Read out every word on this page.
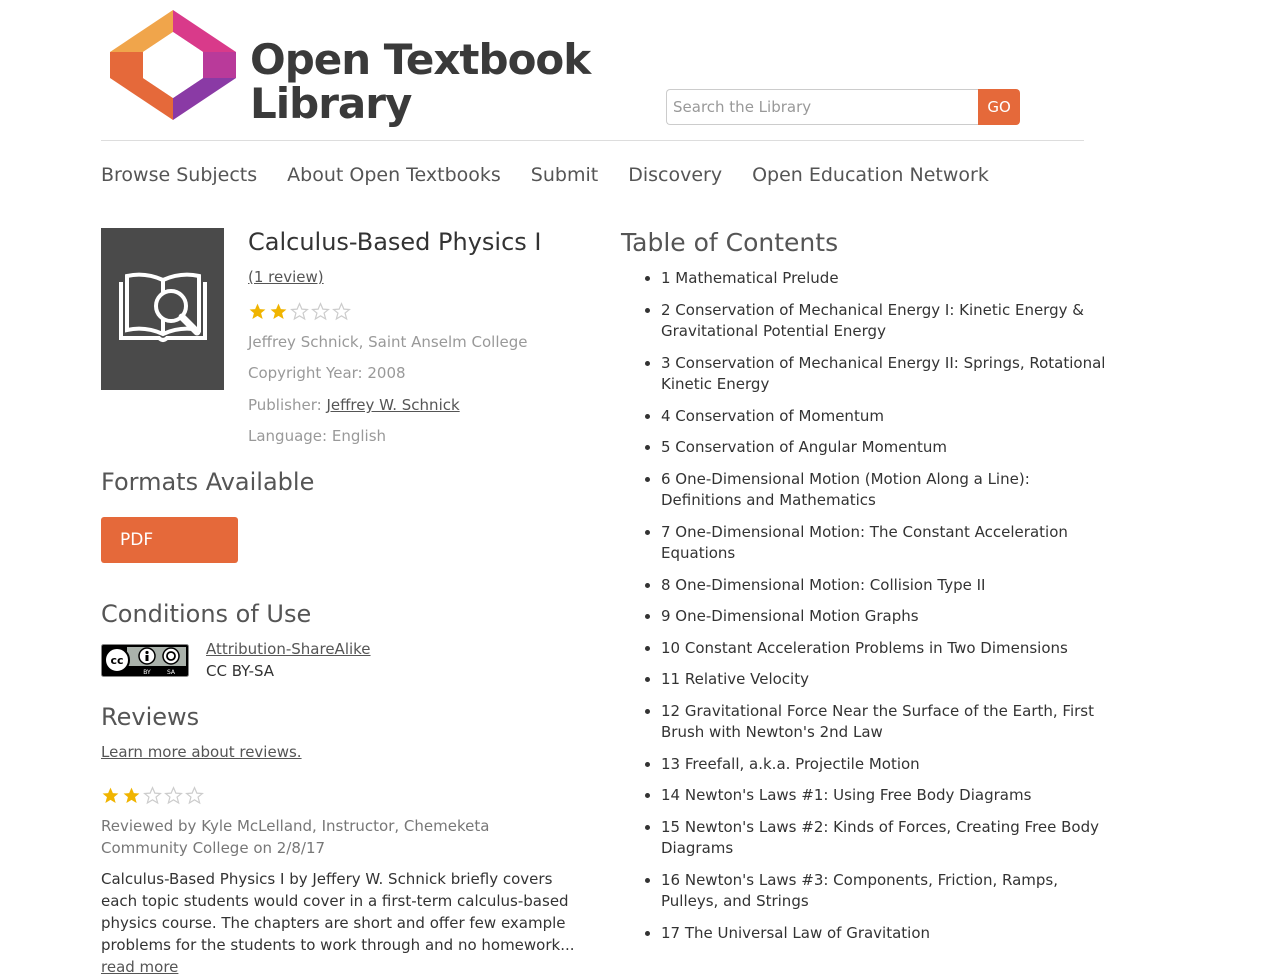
Open Textbook
Library
Search the Library	GO
Browse Subjects About Open Textbooks Submit Discovery Open Education Network
Calculus-Based Physics I
(1 review)
Jeffrey Schnick, Saint Anselm College
Copyright Year: 2008
Publisher: Jeffrey W. Schnick
Language: English
Formats Available
PDF
Conditions of Use
cc
BY	SA
Attribution-ShareAlike
CC BY-SA
Reviews
Learn more about reviews.
Reviewed by Kyle McLelland, Instructor, Chemeketa Community College on 2/8/17
Calculus-Based Physics I by Jeffery W. Schnick briefly covers each topic students would cover in a first-term calculus-based physics course. The chapters are short and offer few example problems for the students to work through and no homework... read more
Table of Contents
• 1 Mathematical Prelude
• 2 Conservation of Mechanical Energy I: Kinetic Energy & Gravitational Potential Energy
• 3 Conservation of Mechanical Energy II: Springs, Rotational Kinetic Energy
• 4 Conservation of Momentum
• 5 Conservation of Angular Momentum
• 6 One-Dimensional Motion (Motion Along a Line): Definitions and Mathematics
• 7 One-Dimensional Motion: The Constant Acceleration Equations
• 8 One-Dimensional Motion: Collision Type II
• 9 One-Dimensional Motion Graphs
• 10 Constant Acceleration Problems in Two Dimensions
• 11 Relative Velocity
• 12 Gravitational Force Near the Surface of the Earth, First Brush with Newton's 2nd Law
• 13 Freefall, a.k.a. Projectile Motion
• 14 Newton's Laws #1: Using Free Body Diagrams
• 15 Newton's Laws #2: Kinds of Forces, Creating Free Body Diagrams
• 16 Newton's Laws #3: Components, Friction, Ramps, Pulleys, and Strings
• 17 The Universal Law of Gravitation
